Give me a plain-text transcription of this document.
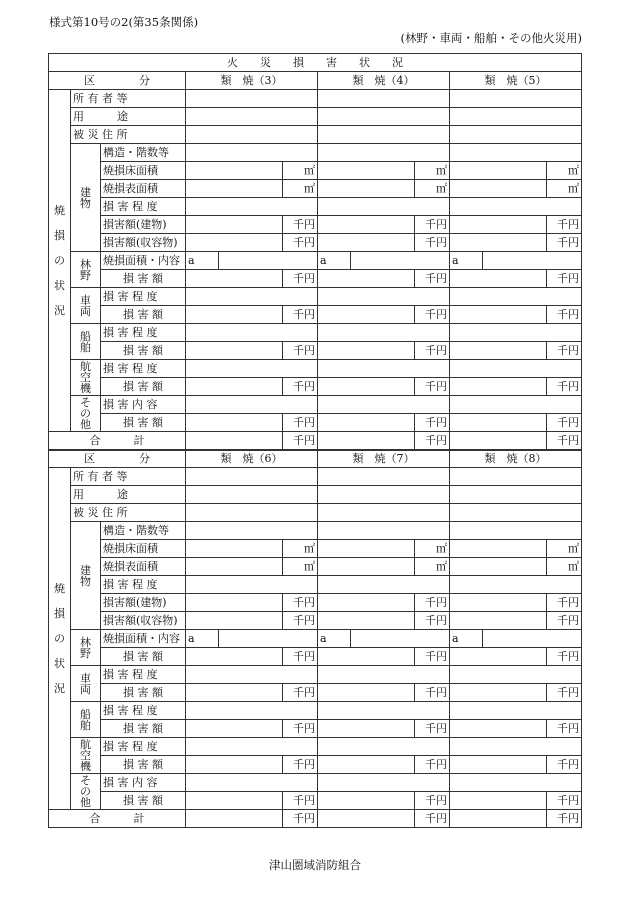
様式第10号の2(第35条関係)
(林野・車両・船舶・その他火災用)
火　　災　　損　　害　　状　　況											
区　　　　分			類　焼（3）			類　焼（4）			類　焼（5）		

焼
損
の
状
況	所 有 者 等										
	用　　　途										
	被 災 住 所										

	建
物	構造・階数等									
		焼損床面積			㎡			㎡			㎡
		焼損表面積			㎡			㎡			㎡
		損 害 程 度									
		損害額(建物)			千円			千円			千円
		損害額(収容物)			千円			千円			千円

	林
野	焼損面積・内容	a			a			a		
		損 害 額			千円			千円			千円

	車
両	損 害 程 度									
		損 害 額			千円			千円			千円

	船
舶	損 害 程 度									
		損 害 額			千円			千円			千円

	航
空
機	損 害 程 度									
		損 害 額			千円			千円			千円

	そ
の
他	損 害 内 容									
		損 害 額			千円			千円			千円
合　　　計					千円			千円			千円
区　　　　分			類　焼（6）			類　焼（7）			類　焼（8）		

焼
損
の
状
況	所 有 者 等										
	用　　　途										
	被 災 住 所										

	建
物	構造・階数等									
		焼損床面積			㎡			㎡			㎡
		焼損表面積			㎡			㎡			㎡
		損 害 程 度									
		損害額(建物)			千円			千円			千円
		損害額(収容物)			千円			千円			千円

	林
野	焼損面積・内容	a			a			a		
		損 害 額			千円			千円			千円

	車
両	損 害 程 度									
		損 害 額			千円			千円			千円

	船
舶	損 害 程 度									
		損 害 額			千円			千円			千円

	航
空
機	損 害 程 度									
		損 害 額			千円			千円			千円

	そ
の
他	損 害 内 容									
		損 害 額			千円			千円			千円
合　　　計					千円			千円			千円
津山圏域消防組合
